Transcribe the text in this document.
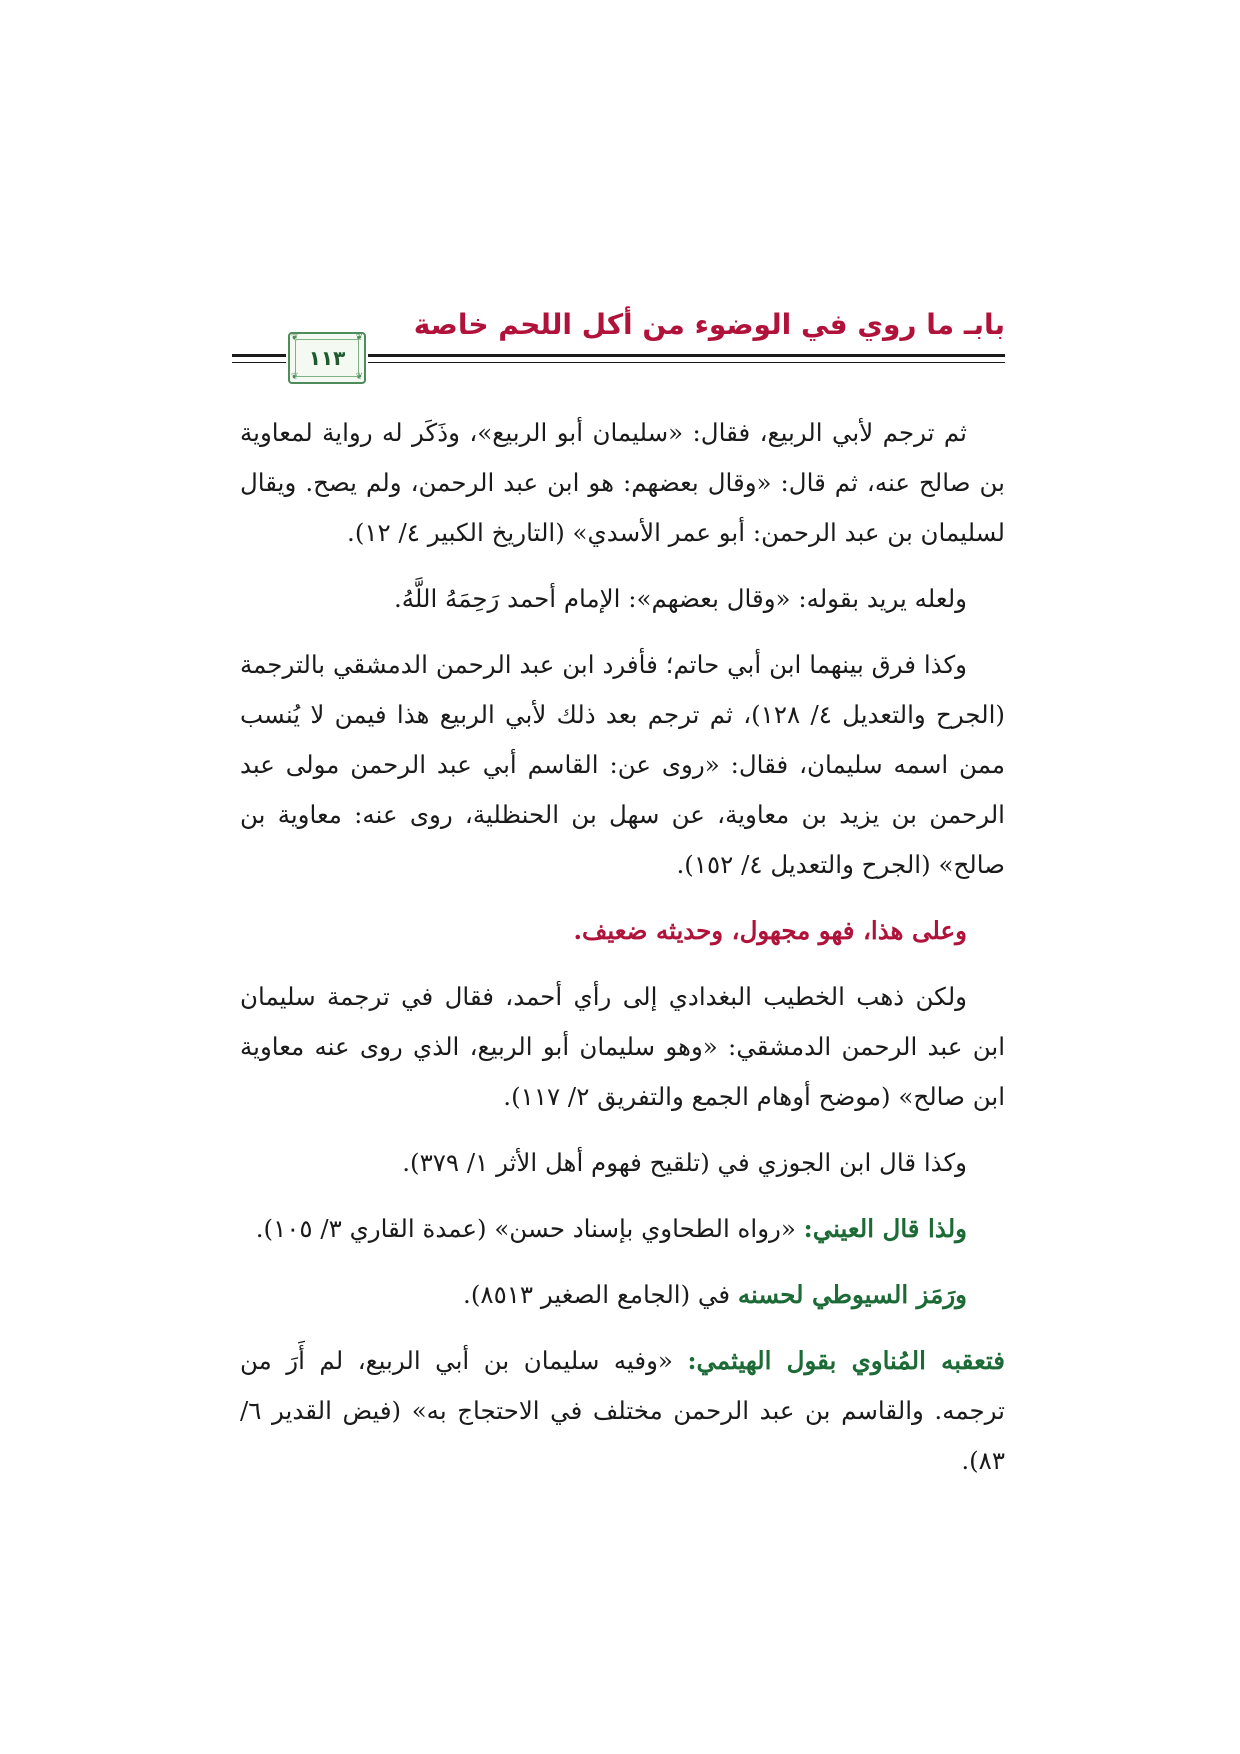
بابـ ما روي في الوضوء من أكل اللحم خاصة
❦	❦
❦	❦
١١٣

ثم ترجم لأبي الربيع، فقال: «سليمان أبو الربيع»، وذَكَر له رواية لمعاوية بن صالح عنه، ثم قال: «وقال بعضهم: هو ابن عبد الرحمن، ولم يصح. ويقال لسليمان بن عبد الرحمن: أبو عمر الأسدي» (التاريخ الكبير ٤/ ١٢).

ولعله يريد بقوله: «وقال بعضهم»: الإمام أحمد رَحِمَهُ اللَّهُ.

وكذا فرق بينهما ابن أبي حاتم؛ فأفرد ابن عبد الرحمن الدمشقي بالترجمة (الجرح والتعديل ٤/ ١٢٨)، ثم ترجم بعد ذلك لأبي الربيع هذا فيمن لا يُنسب ممن اسمه سليمان، فقال: «روى عن: القاسم أبي عبد الرحمن مولى عبد الرحمن بن يزيد بن معاوية، عن سهل بن الحنظلية، روى عنه: معاوية بن صالح» (الجرح والتعديل ٤/ ١٥٢).

وعلى هذا، فهو مجهول، وحديثه ضعيف.

ولكن ذهب الخطيب البغدادي إلى رأي أحمد، فقال في ترجمة سليمان ابن عبد الرحمن الدمشقي: «وهو سليمان أبو الربيع، الذي روى عنه معاوية ابن صالح» (موضح أوهام الجمع والتفريق ٢/ ١١٧).

وكذا قال ابن الجوزي في (تلقيح فهوم أهل الأثر ١/ ٣٧٩).

ولذا قال العيني: «رواه الطحاوي بإسناد حسن» (عمدة القاري ٣/ ١٠٥).

ورَمَز السيوطي لحسنه في (الجامع الصغير ٨٥١٣).

فتعقبه المُناوي بقول الهيثمي: «وفيه سليمان بن أبي الربيع، لم أَرَ من ترجمه. والقاسم بن عبد الرحمن مختلف في الاحتجاج به» (فيض القدير ٦/ ٨٣).
